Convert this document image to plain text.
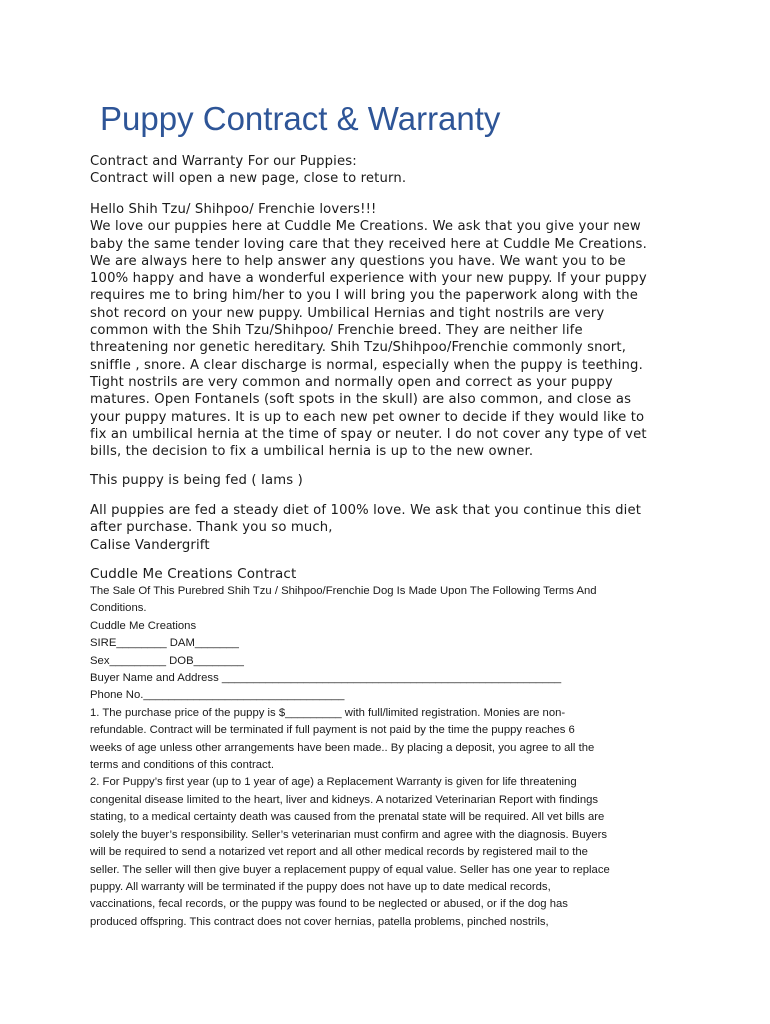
Puppy Contract & Warranty
Contract and Warranty For our Puppies:
Contract will open a new page, close to return.
Hello Shih Tzu/ Shihpoo/ Frenchie lovers!!!
We love our puppies here at Cuddle Me Creations. We ask that you give your new
baby the same tender loving care that they received here at Cuddle Me Creations.
We are always here to help answer any questions you have. We want you to be
100% happy and have a wonderful experience with your new puppy. If your puppy
requires me to bring him/her to you I will bring you the paperwork along with the
shot record on your new puppy. Umbilical Hernias and tight nostrils are very
common with the Shih Tzu/Shihpoo/ Frenchie breed. They are neither life
threatening nor genetic hereditary. Shih Tzu/Shihpoo/Frenchie commonly snort,
sniffle , snore. A clear discharge is normal, especially when the puppy is teething.
Tight nostrils are very common and normally open and correct as your puppy
matures. Open Fontanels (soft spots in the skull) are also common, and close as
your puppy matures. It is up to each new pet owner to decide if they would like to
fix an umbilical hernia at the time of spay or neuter. I do not cover any type of vet
bills, the decision to fix a umbilical hernia is up to the new owner.
This puppy is being fed ( Iams )
All puppies are fed a steady diet of 100% love. We ask that you continue this diet
after purchase. Thank you so much,
Calise Vandergrift
Cuddle Me Creations Contract
The Sale Of This Purebred Shih Tzu / Shihpoo/Frenchie Dog Is Made Upon The Following Terms And
Conditions.
Cuddle Me Creations
SIRE________ DAM_______
Sex_________ DOB________
Buyer Name and Address ______________________________________________________
Phone No.________________________________
1. The purchase price of the puppy is $_________ with full/limited registration. Monies are non-
refundable. Contract will be terminated if full payment is not paid by the time the puppy reaches 6
weeks of age unless other arrangements have been made.. By placing a deposit, you agree to all the
terms and conditions of this contract.
2. For Puppy’s first year (up to 1 year of age) a Replacement Warranty is given for life threatening
congenital disease limited to the heart, liver and kidneys. A notarized Veterinarian Report with findings
stating, to a medical certainty death was caused from the prenatal state will be required. All vet bills are
solely the buyer’s responsibility. Seller’s veterinarian must confirm and agree with the diagnosis. Buyers
will be required to send a notarized vet report and all other medical records by registered mail to the
seller. The seller will then give buyer a replacement puppy of equal value. Seller has one year to replace
puppy. All warranty will be terminated if the puppy does not have up to date medical records,
vaccinations, fecal records, or the puppy was found to be neglected or abused, or if the dog has
produced offspring. This contract does not cover hernias, patella problems, pinched nostrils,
